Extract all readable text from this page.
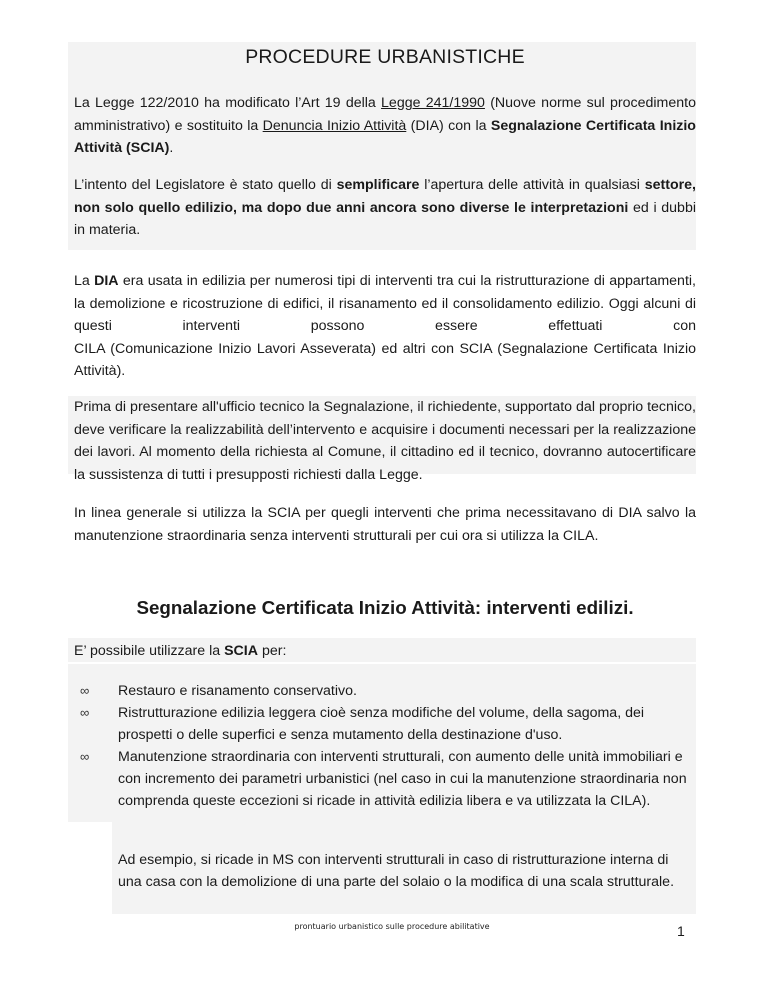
PROCEDURE URBANISTICHE
La Legge 122/2010 ha modificato l’Art 19 della Legge 241/1990 (Nuove norme sul procedimento amministrativo) e sostituito la Denuncia Inizio Attività (DIA) con la Segnalazione Certificata Inizio Attività (SCIA).
L’intento del Legislatore è stato quello di semplificare l’apertura delle attività in qualsiasi settore, non solo quello edilizio, ma dopo due anni ancora sono diverse le interpretazioni ed i dubbi in materia.
La DIA era usata in edilizia per numerosi tipi di interventi tra cui la ristrutturazione di appartamenti, la demolizione e ricostruzione di edifici, il risanamento ed il consolidamento edilizio. Oggi alcuni di questi interventi possono essere effettuati con
CILA (Comunicazione Inizio Lavori Asseverata) ed altri con SCIA (Segnalazione Certificata Inizio Attività).
Prima di presentare all'ufficio tecnico la Segnalazione, il richiedente, supportato dal proprio tecnico, deve verificare la realizzabilità dell’intervento e acquisire i documenti necessari per la realizzazione dei lavori. Al momento della richiesta al Comune, il cittadino ed il tecnico, dovranno autocertificare la sussistenza di tutti i presupposti richiesti dalla Legge.
In linea generale si utilizza la SCIA per quegli interventi che prima necessitavano di DIA salvo la manutenzione straordinaria senza interventi strutturali per cui ora si utilizza la CILA.
Segnalazione Certificata Inizio Attività: interventi edilizi.
E’ possibile utilizzare la SCIA per:
∞ Restauro e risanamento conservativo.
∞ Ristrutturazione edilizia leggera cioè senza modifiche del volume, della sagoma, dei prospetti o delle superfici e senza mutamento della destinazione d'uso.
∞ Manutenzione straordinaria con interventi strutturali, con aumento delle unità immobiliari e con incremento dei parametri urbanistici (nel caso in cui la manutenzione straordinaria non comprenda queste eccezioni si ricade in attività edilizia libera e va utilizzata la CILA).
Ad esempio, si ricade in MS con interventi strutturali in caso di ristrutturazione interna di una casa con la demolizione di una parte del solaio o la modifica di una scala strutturale.
prontuario urbanistico sulle procedure abilitative	1
